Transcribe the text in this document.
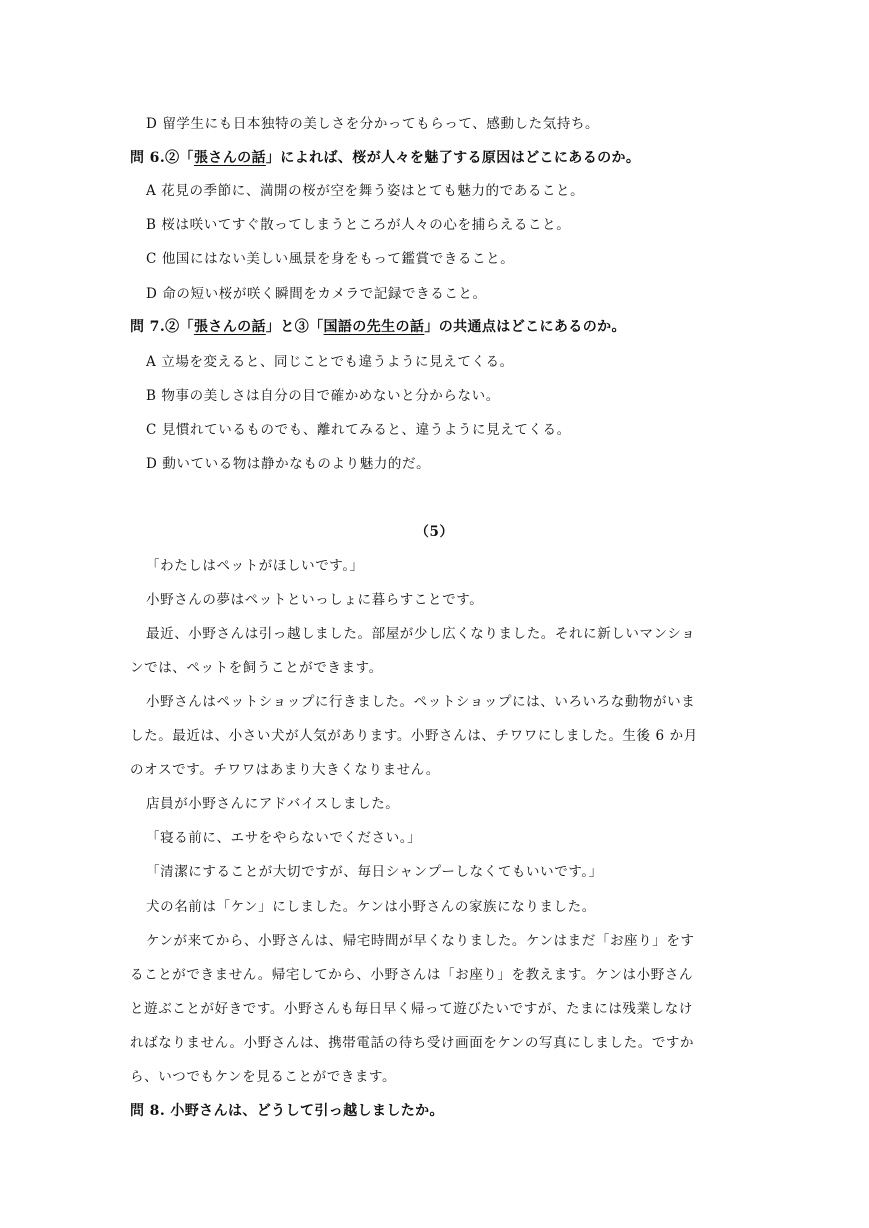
D 留学生にも日本独特の美しさを分かってもらって、感動した気持ち。
問 6.②「張さんの話」によれば、桜が人々を魅了する原因はどこにあるのか。
A 花見の季節に、満開の桜が空を舞う姿はとても魅力的であること。
B 桜は咲いてすぐ散ってしまうところが人々の心を捕らえること。
C 他国にはない美しい風景を身をもって鑑賞できること。
D 命の短い桜が咲く瞬間をカメラで記録できること。
問 7.②「張さんの話」と③「国語の先生の話」の共通点はどこにあるのか。
A 立場を変えると、同じことでも違うように見えてくる。
B 物事の美しさは自分の目で確かめないと分からない。
C 見慣れているものでも、離れてみると、違うように見えてくる。
D 動いている物は静かなものより魅力的だ。
（5）
「わたしはペットがほしいです。」
小野さんの夢はペットといっしょに暮らすことです。
最近、小野さんは引っ越しました。部屋が少し広くなりました。それに新しいマンショ
ンでは、ペットを飼うことができます。
小野さんはペットショップに行きました。ペットショップには、いろいろな動物がいま
した。最近は、小さい犬が人気があります。小野さんは、チワワにしました。生後 6 か月
のオスです。チワワはあまり大きくなりません。
店員が小野さんにアドバイスしました。
「寝る前に、エサをやらないでください。」
「清潔にすることが大切ですが、毎日シャンプーしなくてもいいです。」
犬の名前は「ケン」にしました。ケンは小野さんの家族になりました。
ケンが来てから、小野さんは、帰宅時間が早くなりました。ケンはまだ「お座り」をす
ることができません。帰宅してから、小野さんは「お座り」を教えます。ケンは小野さん
と遊ぶことが好きです。小野さんも毎日早く帰って遊びたいですが、たまには残業しなけ
ればなりません。小野さんは、携帯電話の待ち受け画面をケンの写真にしました。ですか
ら、いつでもケンを見ることができます。
問 8. 小野さんは、どうして引っ越しましたか。
